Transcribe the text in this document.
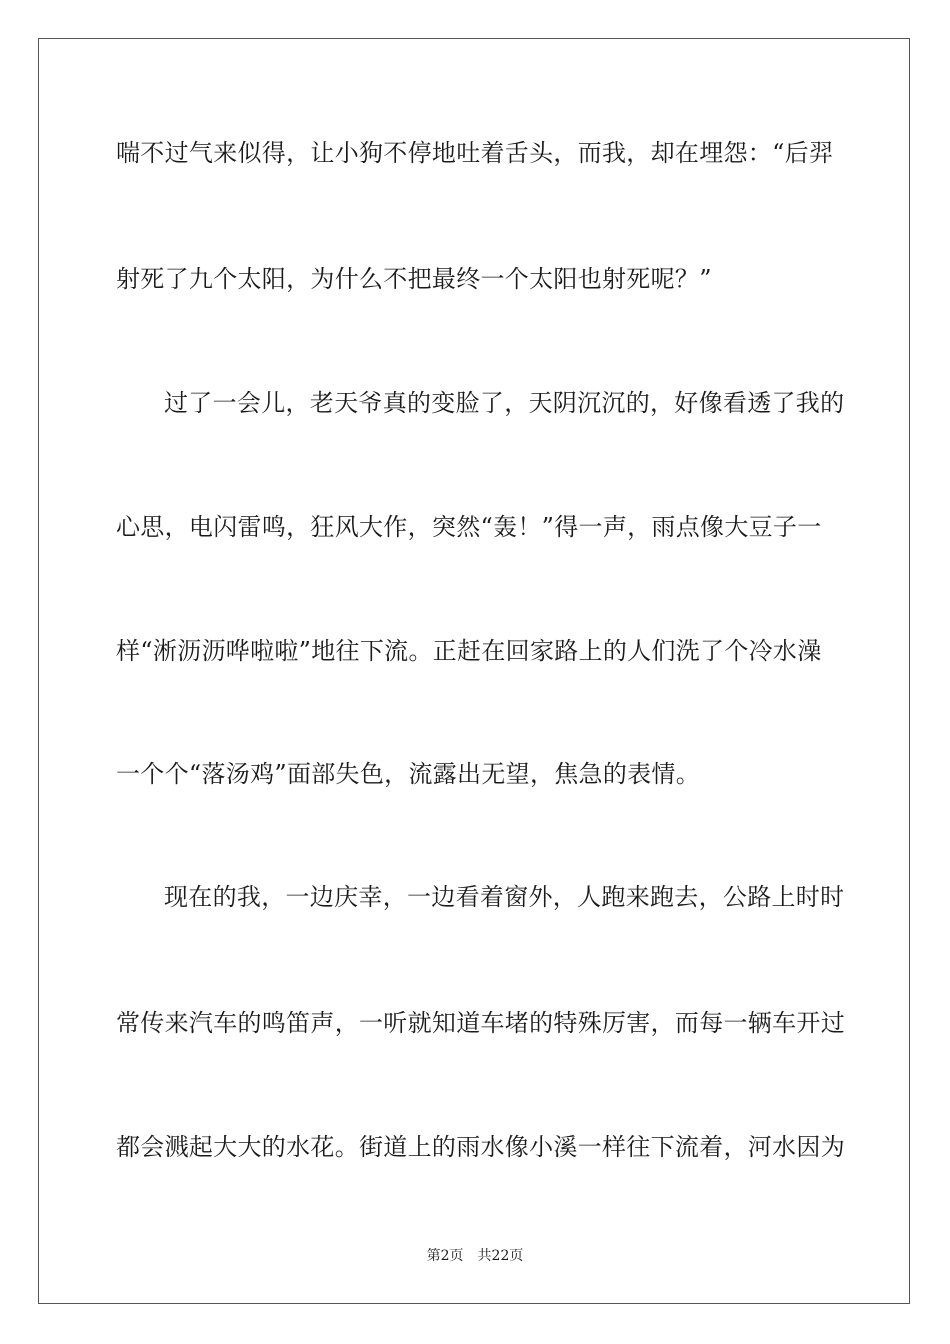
喘不过气来似得，让小狗不停地吐着舌头，而我，却在埋怨：“后羿
射死了九个太阳，为什么不把最终一个太阳也射死呢？”
过了一会儿，老天爷真的变脸了，天阴沉沉的，好像看透了我的
心思，电闪雷鸣，狂风大作，突然“轰！”得一声，雨点像大豆子一
样“淅沥沥哗啦啦”地往下流。正赶在回家路上的人们洗了个冷水澡
一个个“落汤鸡”面部失色，流露出无望，焦急的表情。
现在的我，一边庆幸，一边看着窗外，人跑来跑去，公路上时时
常传来汽车的鸣笛声，一听就知道车堵的特殊厉害，而每一辆车开过
都会溅起大大的水花。街道上的雨水像小溪一样往下流着，河水因为
第2页 共22页
